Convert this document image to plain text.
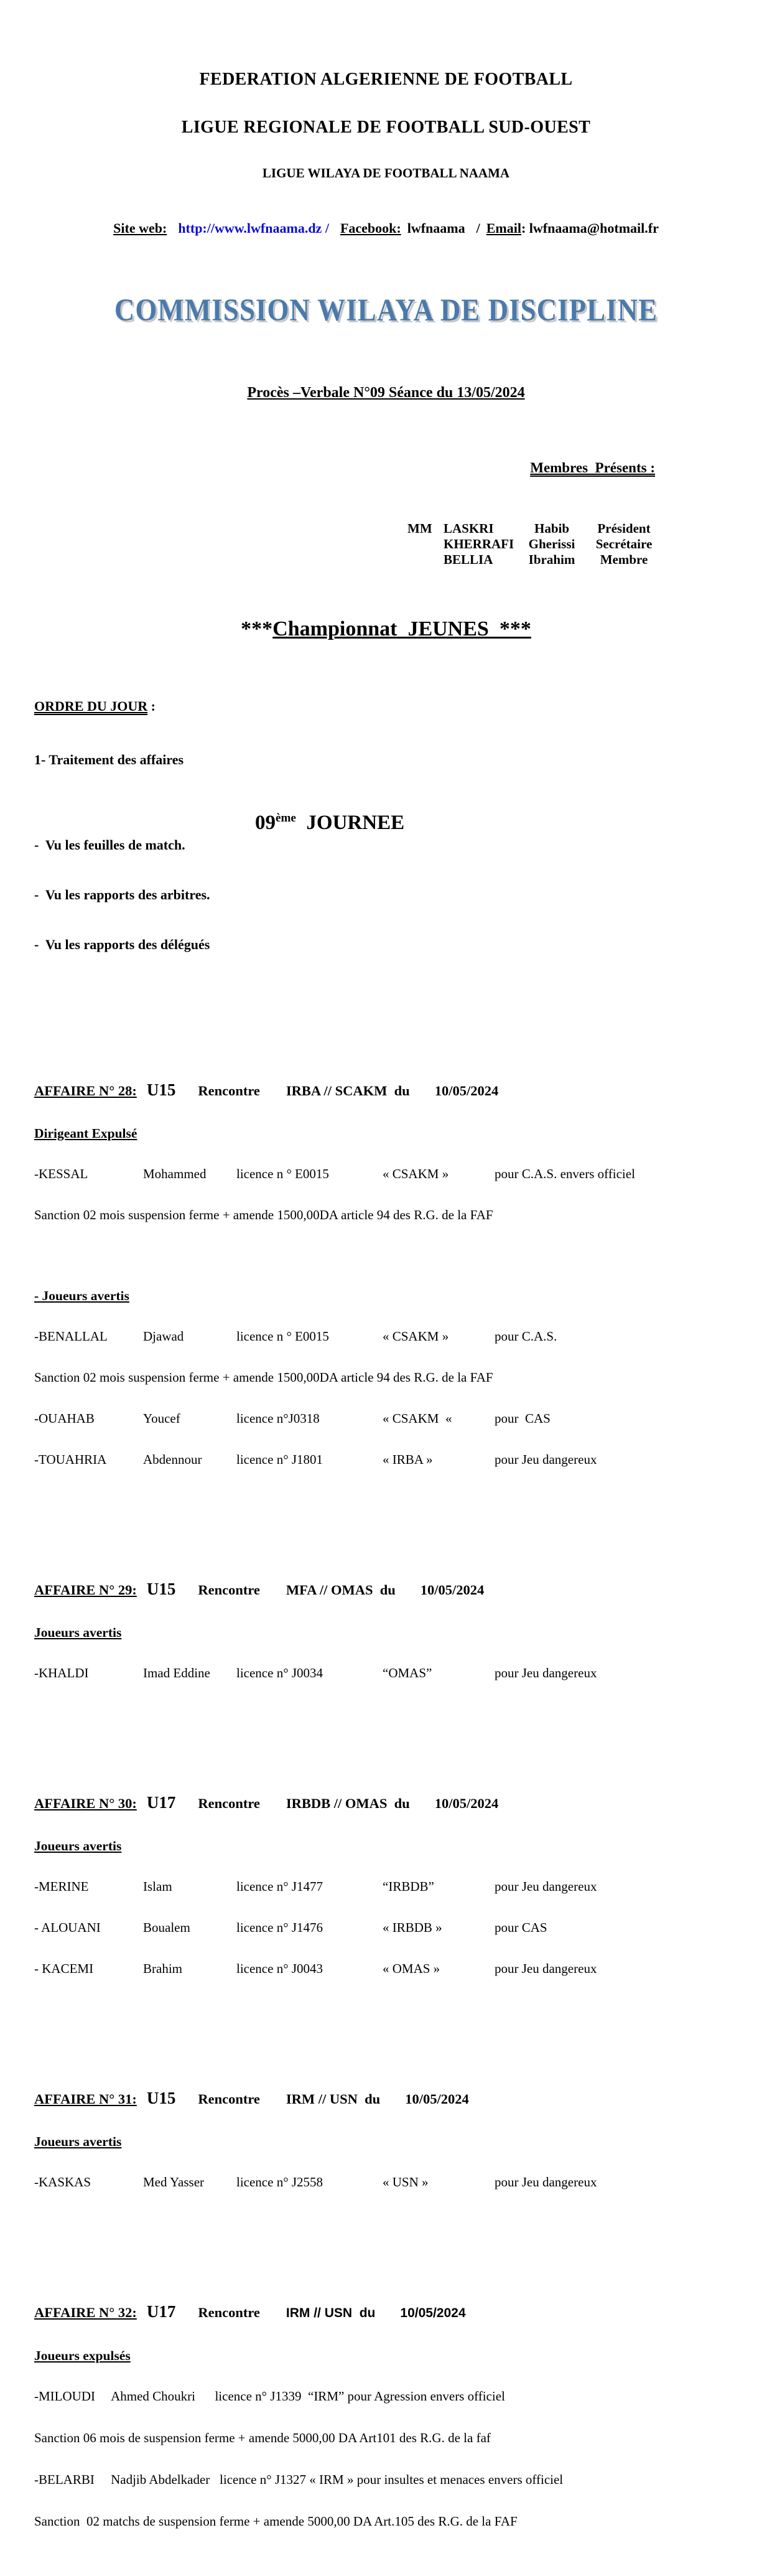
FEDERATION ALGERIENNE DE FOOTBALL

LIGUE REGIONALE DE FOOTBALL SUD-OUEST

LIGUE WILAYA DE FOOTBALL NAAMA

Site web: http://www.lwfnaama.dz / Facebook: lwfnaama / Email: lwfnaama@hotmail.fr

COMMISSION WILAYA DE DISCIPLINE

Procès –Verbale N°09 Séance du 13/05/2024

Membres  Présents :

MM LASKRI	Habib	Président
KHERRAFI	Gherissi	Secrétaire
BELLIA	Ibrahim	Membre

***Championnat  JEUNES  ***

ORDRE DU JOUR :

1- Traitement des affaires

-  Vu les feuilles de match.

-  Vu les rapports des arbitres.

-  Vu les rapports des délégués

09ème  JOURNEE

AFFAIRE N° 28: U15 Rencontre IRBA // SCAKM  du 10/05/2024

Dirigeant Expulsé

-KESSAL	Mohammed	licence n ° E0015	« CSAKM »	pour C.A.S. envers officiel

Sanction 02 mois suspension ferme + amende 1500,00DA article 94 des R.G. de la FAF

- Joueurs avertis

-BENALLAL	Djawad	licence n ° E0015	« CSAKM »	pour C.A.S.

Sanction 02 mois suspension ferme + amende 1500,00DA article 94 des R.G. de la FAF

-OUAHAB	Youcef	licence n°J0318	« CSAKM  «	pour  CAS

-TOUAHRIA	Abdennour	licence n° J1801	« IRBA »	pour Jeu dangereux

AFFAIRE N° 29: U15 Rencontre MFA // OMAS  du 10/05/2024

Joueurs avertis

-KHALDI	Imad Eddine	licence n° J0034	“OMAS”	pour Jeu dangereux

AFFAIRE N° 30: U17 Rencontre IRBDB // OMAS  du 10/05/2024

Joueurs avertis

-MERINE	Islam	licence n° J1477	“IRBDB”	pour Jeu dangereux

- ALOUANI	Boualem	licence n° J1476	« IRBDB »	pour CAS

- KACEMI	Brahim	licence n° J0043	« OMAS »	pour Jeu dangereux

AFFAIRE N° 31: U15 Rencontre IRM // USN  du 10/05/2024

Joueurs avertis

-KASKAS	Med Yasser	licence n° J2558	« USN »	pour Jeu dangereux

AFFAIRE N° 32: U17 Rencontre IRM // USN  du 10/05/2024

Joueurs expulsés

-MILOUDI     Ahmed Choukri      licence n° J1339  “IRM” pour Agression envers officiel

Sanction 06 mois de suspension ferme + amende 5000,00 DA Art101 des R.G. de la faf

-BELARBI     Nadjib Abdelkader   licence n° J1327 « IRM » pour insultes et menaces envers officiel

Sanction  02 matchs de suspension ferme + amende 5000,00 DA Art.105 des R.G. de la FAF
